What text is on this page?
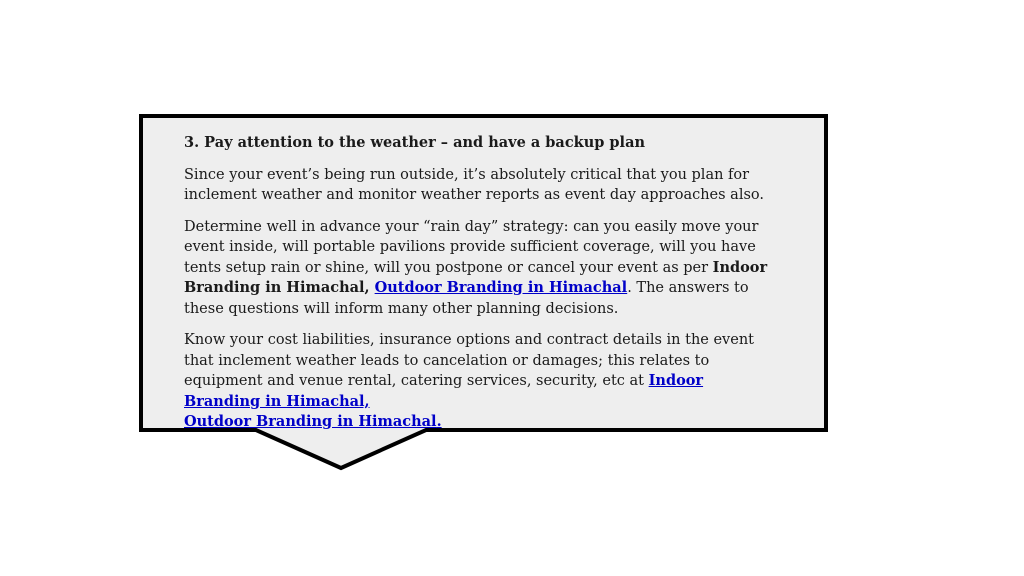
3. Pay attention to the weather – and have a backup plan

Since your event’s being run outside, it’s absolutely critical that you plan for inclement weather and monitor weather reports as event day approaches also.

Determine well in advance your “rain day” strategy: can you easily move your event inside, will portable pavilions provide sufficient coverage, will you have tents setup rain or shine, will you postpone or cancel your event as per Indoor Branding in Himachal, Outdoor Branding in Himachal. The answers to these questions will inform many other planning decisions.

Know your cost liabilities, insurance options and contract details in the event that inclement weather leads to cancelation or damages; this relates to equipment and venue rental, catering services, security, etc at Indoor Branding in Himachal,
Outdoor Branding in Himachal.
